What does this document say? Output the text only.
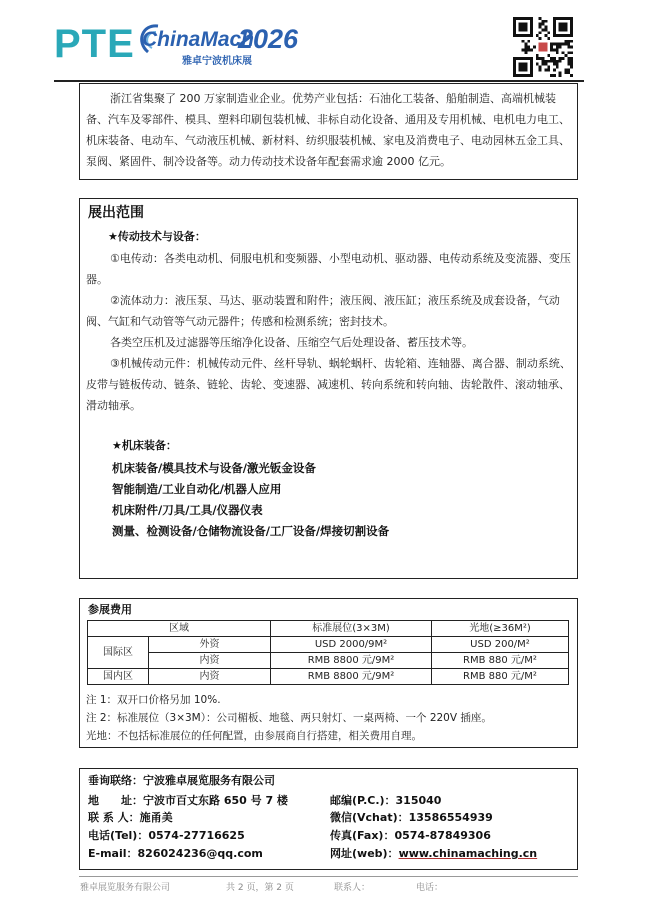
PTE ChinaMach
2026
雅卓宁波机床展

浙江省集聚了 200 万家制造业企业。优势产业包括：石油化工装备、船舶制造、高端机械装备、汽车及零部件、模具、塑料印刷包装机械、非标自动化设备、通用及专用机械、电机电力电工、机床装备、电动车、气动液压机械、新材料、纺织服装机械、家电及消费电子、电动园林五金工具、泵阀、紧固件、制冷设备等。动力传动技术设备年配套需求逾 2000 亿元。

展出范围
★传动技术与设备：

①电传动：各类电动机、伺服电机和变频器、小型电动机、驱动器、电传动系统及变流器、变压器。

②流体动力：液压泵、马达、驱动装置和附件；液压阀、液压缸；液压系统及成套设备，气动阀、气缸和气动管等气动元器件；传感和检测系统；密封技术。

各类空压机及过滤器等压缩净化设备、压缩空气后处理设备、蓄压技术等。

③机械传动元件：机械传动元件、丝杆导轨、蜗轮蜗杆、齿轮箱、连轴器、离合器、制动系统、皮带与链板传动、链条、链轮、齿轮、变速器、减速机、转向系统和转向轴、齿轮散件、滚动轴承、滑动轴承。

★机床装备：
机床装备/模具技术与设备/激光钣金设备
智能制造/工业自动化/机器人应用
机床附件/刀具/工具/仪器仪表
测量、检测设备/仓储物流设备/工厂设备/焊接切割设备
参展费用
区域		标准展位(3×3M)	光地(≥36M²)
国际区	外资	USD 2000/9M²	USD 200/M²
	内资	RMB 8800 元/9M²	RMB 880 元/M²
国内区	内资	RMB 8800 元/9M²	RMB 880 元/M²
注 1：双开口价格另加 10%.
注 2：标准展位（3×3M）：公司楣板、地毯、两只射灯、一桌两椅、一个 220V 插座。
光地：不包括标准展位的任何配置，由参展商自行搭建，相关费用自理。
垂询联络：宁波雅卓展览服务有限公司
地　　址：宁波市百丈东路 650 号 7 楼	邮编(P.C.)：315040
联 系 人：施甬美	微信(Vchat)：13586554939
电话(Tel)：0574-27716625	传真(Fax)：0574-87849306
E-mail：826024236@qq.com	网址(web)：www.chinamaching.cn
雅卓展览服务有限公司	共 2 页，第 2 页	联系人：	电话：
